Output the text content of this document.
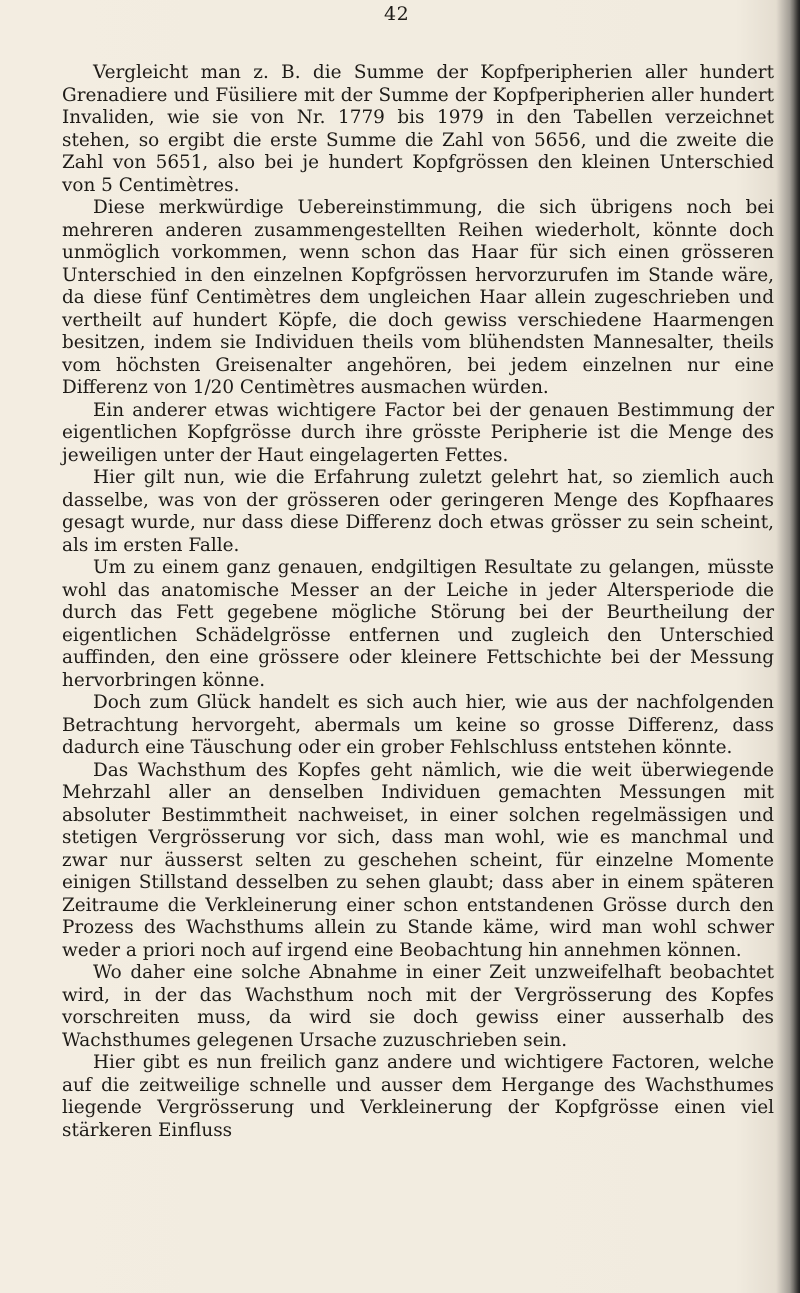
42

Vergleicht man z. B. die Summe der Kopfperipherien aller hundert Grenadiere und Füsiliere mit der Summe der Kopfperipherien aller hundert Invaliden, wie sie von Nr. 1779 bis 1979 in den Tabellen verzeichnet stehen, so ergibt die erste Summe die Zahl von 5656, und die zweite die Zahl von 5651, also bei je hundert Kopfgrössen den kleinen Unterschied von 5 Centimètres.

Diese merkwürdige Uebereinstimmung, die sich übrigens noch bei mehreren anderen zusammengestellten Reihen wiederholt, könnte doch unmöglich vorkommen, wenn schon das Haar für sich einen grösseren Unterschied in den einzelnen Kopfgrössen hervorzurufen im Stande wäre, da diese fünf Centimètres dem ungleichen Haar allein zugeschrieben und vertheilt auf hundert Köpfe, die doch gewiss verschiedene Haarmengen besitzen, indem sie Individuen theils vom blühendsten Mannesalter, theils vom höchsten Greisenalter angehören, bei jedem einzelnen nur eine Differenz von 1/20 Centimètres ausmachen würden.

Ein anderer etwas wichtigere Factor bei der genauen Bestimmung der eigentlichen Kopfgrösse durch ihre grösste Peripherie ist die Menge des jeweiligen unter der Haut eingelagerten Fettes.

Hier gilt nun, wie die Erfahrung zuletzt gelehrt hat, so ziemlich auch dasselbe, was von der grösseren oder geringeren Menge des Kopfhaares gesagt wurde, nur dass diese Differenz doch etwas grösser zu sein scheint, als im ersten Falle.

Um zu einem ganz genauen, endgiltigen Resultate zu gelangen, müsste wohl das anatomische Messer an der Leiche in jeder Altersperiode die durch das Fett gegebene mögliche Störung bei der Beurtheilung der eigentlichen Schädelgrösse entfernen und zugleich den Unterschied auffinden, den eine grössere oder kleinere Fettschichte bei der Messung hervorbringen könne.

Doch zum Glück handelt es sich auch hier, wie aus der nachfolgenden Betrachtung hervorgeht, abermals um keine so grosse Differenz, dass dadurch eine Täuschung oder ein grober Fehlschluss entstehen könnte.

Das Wachsthum des Kopfes geht nämlich, wie die weit überwiegende Mehrzahl aller an denselben Individuen gemachten Messungen mit absoluter Bestimmtheit nachweiset, in einer solchen regelmässigen und stetigen Vergrösserung vor sich, dass man wohl, wie es manchmal und zwar nur äusserst selten zu geschehen scheint, für einzelne Momente einigen Stillstand desselben zu sehen glaubt; dass aber in einem späteren Zeitraume die Verkleinerung einer schon entstandenen Grösse durch den Prozess des Wachsthums allein zu Stande käme, wird man wohl schwer weder a priori noch auf irgend eine Beobachtung hin annehmen können.

Wo daher eine solche Abnahme in einer Zeit unzweifelhaft beobachtet wird, in der das Wachsthum noch mit der Vergrösserung des Kopfes vorschreiten muss, da wird sie doch gewiss einer ausserhalb des Wachsthumes gelegenen Ursache zuzuschrieben sein.

Hier gibt es nun freilich ganz andere und wichtigere Factoren, welche auf die zeitweilige schnelle und ausser dem Hergange des Wachsthumes liegende Vergrösserung und Verkleinerung der Kopfgrösse einen viel stärkeren Einfluss
